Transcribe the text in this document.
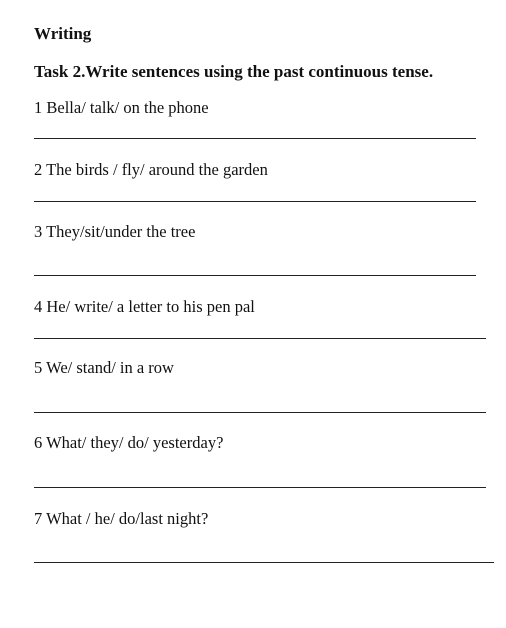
Writing
Task 2.Write sentences using the past continuous tense.
1 Bella/ talk/ on the phone
2 The birds / fly/ around the garden
3 They/sit/under the tree
4 He/ write/ a letter to his pen pal
5 We/ stand/ in a row
6 What/ they/ do/ yesterday?
7 What / he/ do/last night?
